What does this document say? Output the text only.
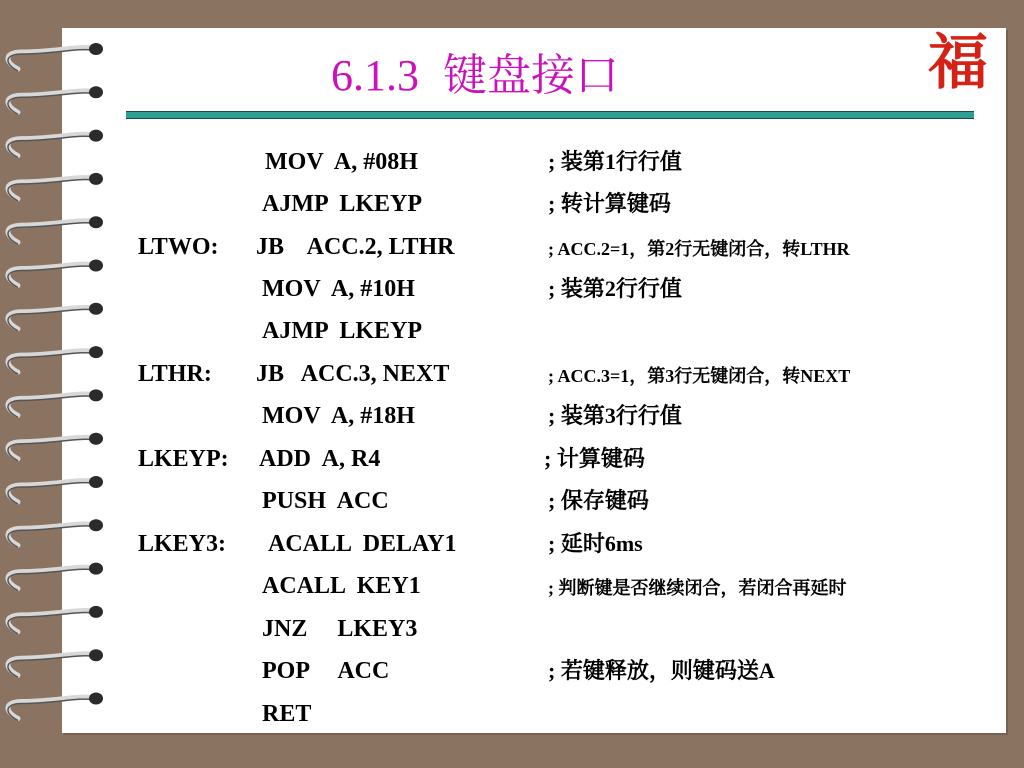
6.1.3 键盘接口	福
MOV  A, #08H	; 装第1行行值
AJMP  LKEYP	; 转计算键码
LTWO: JB    ACC.2, LTHR	; ACC.2=1，第2行无键闭合，转LTHR
MOV  A, #10H	; 装第2行行值
AJMP  LKEYP
LTHR: JB   ACC.3, NEXT	; ACC.3=1，第3行无键闭合，转NEXT
MOV  A, #18H	; 装第3行行值
LKEYP: ADD  A, R4	; 计算键码
PUSH  ACC	; 保存键码
LKEY3: ACALL  DELAY1	; 延时6ms
ACALL  KEY1	; 判断键是否继续闭合，若闭合再延时
JNZ     LKEY3
POP     ACC	; 若键释放，则键码送A
RET
